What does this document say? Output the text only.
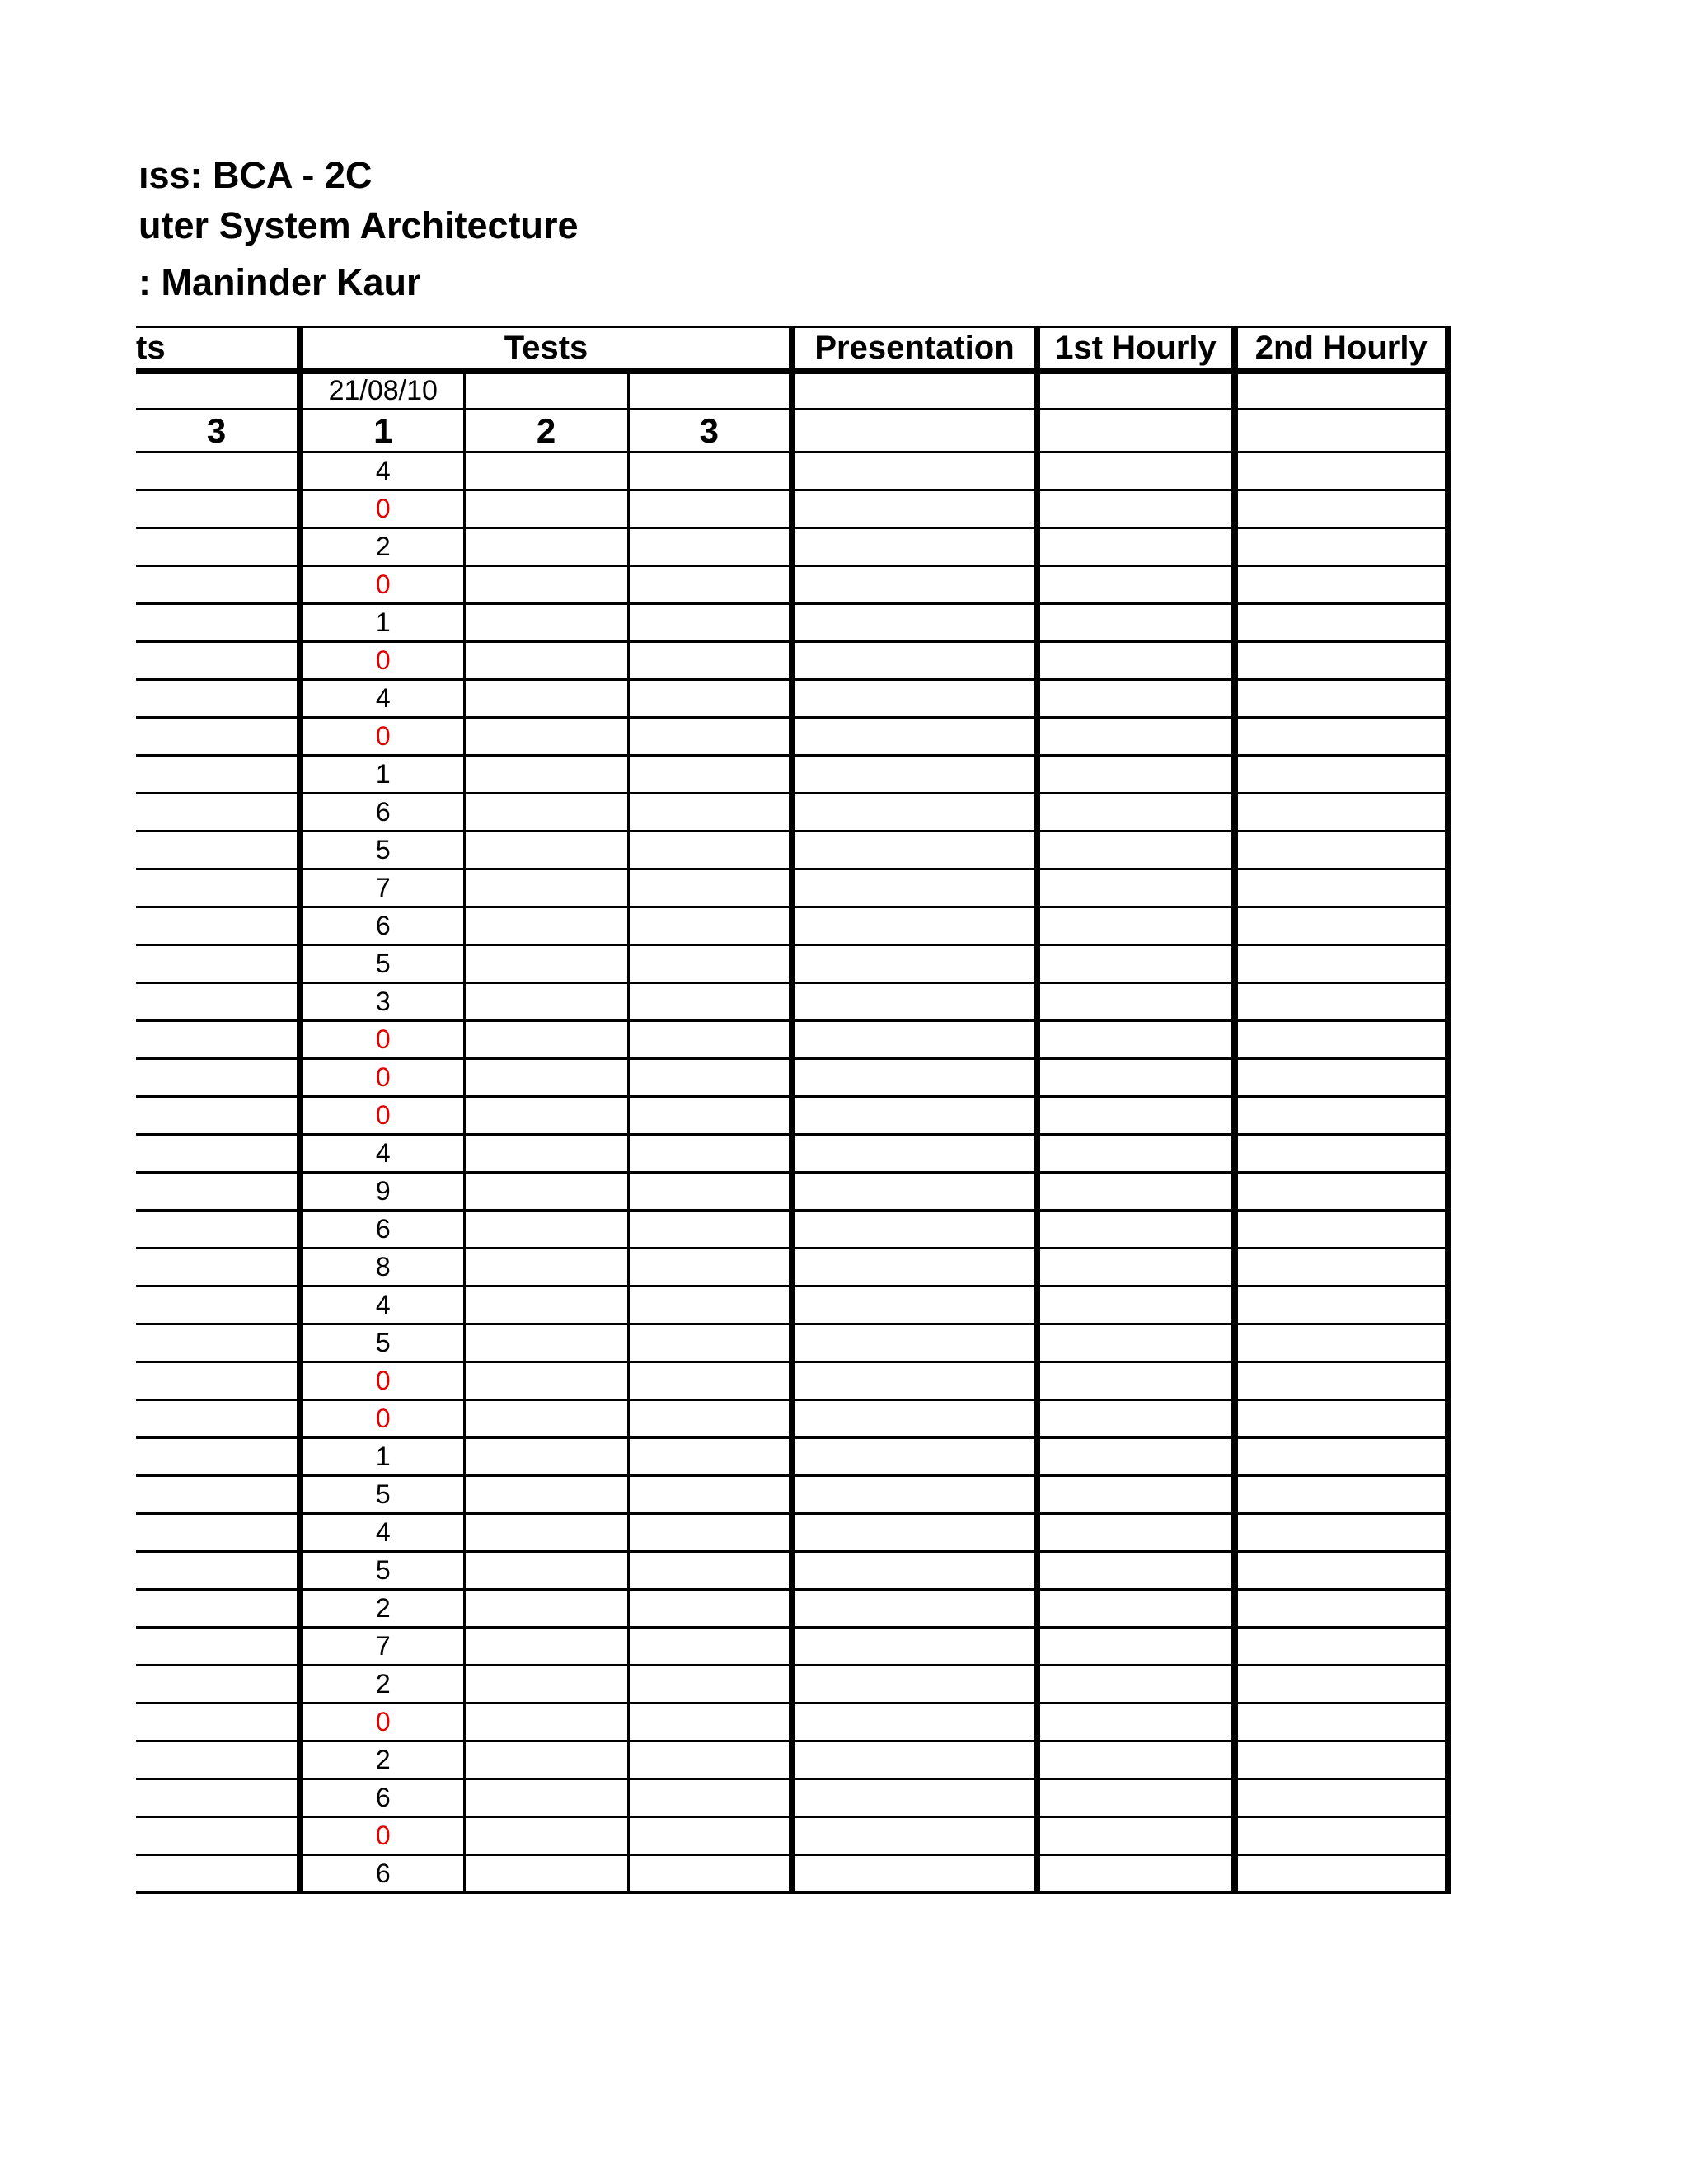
ıss: BCA - 2C
uter System Architecture
: Maninder Kaur
ts	Tests			Presentation	1st Hourly	2nd Hourly
	21/08/10					
3	1	2	3			
	4					
	0					
	2					
	0					
	1					
	0					
	4					
	0					
	1					
	6					
	5					
	7					
	6					
	5					
	3					
	0					
	0					
	0					
	4					
	9					
	6					
	8					
	4					
	5					
	0					
	0					
	1					
	5					
	4					
	5					
	2					
	7					
	2					
	0					
	2					
	6					
	0					
	6					
